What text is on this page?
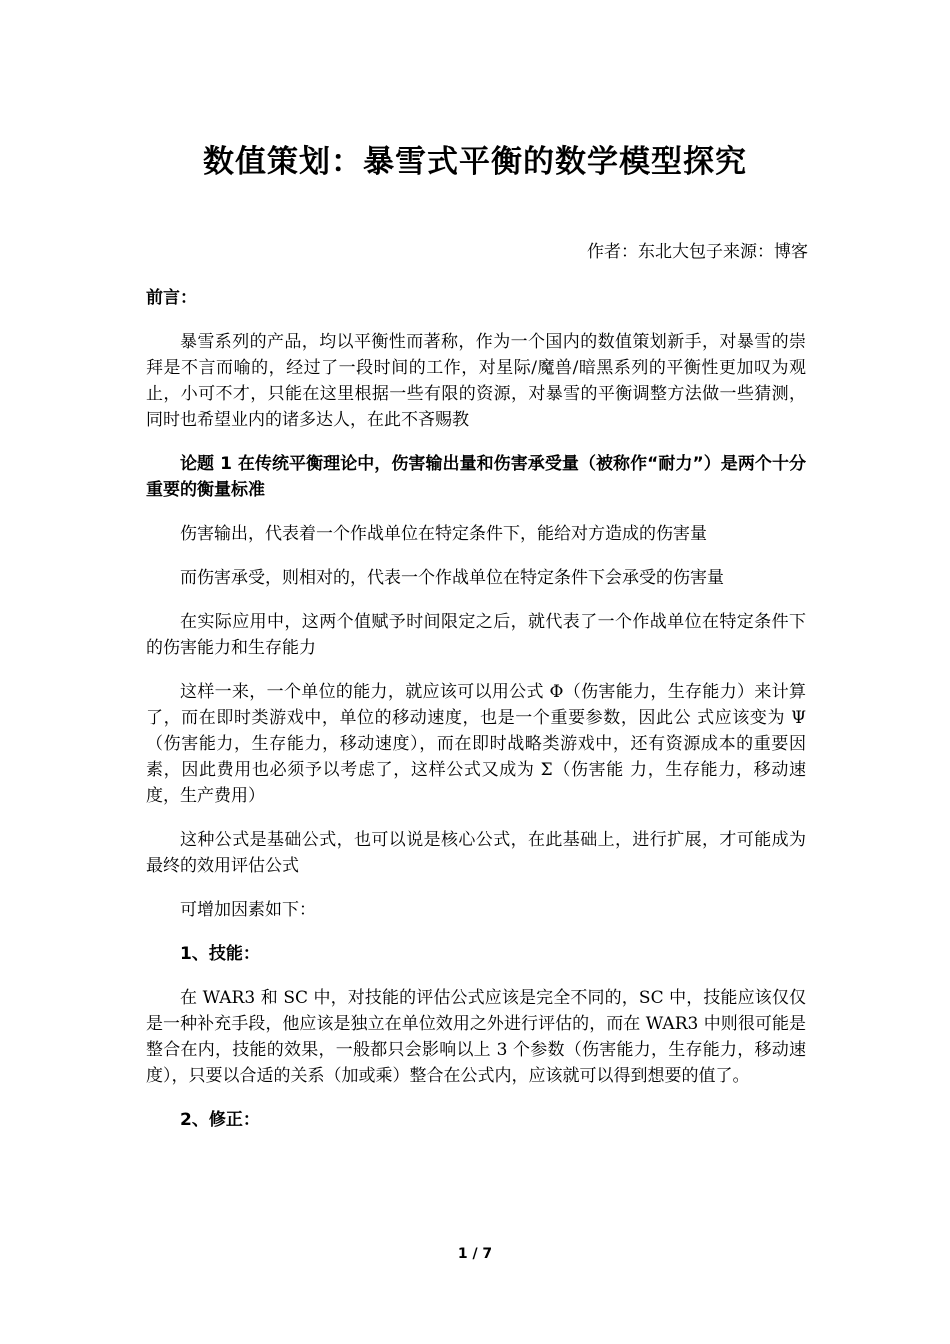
数值策划：暴雪式平衡的数学模型探究

作者：东北大包子来源：博客

前言：

暴雪系列的产品，均以平衡性而著称，作为一个国内的数值策划新手，对暴雪的崇拜是不言而喻的，经过了一段时间的工作，对星际/魔兽/暗黑系列的平衡性更加叹为观止，小可不才，只能在这里根据一些有限的资源，对暴雪的平衡调整方法做一些猜测，同时也希望业内的诸多达人，在此不吝赐教

论题 1 在传统平衡理论中，伤害输出量和伤害承受量（被称作“耐力”）是两个十分重要的衡量标准

伤害输出，代表着一个作战单位在特定条件下，能给对方造成的伤害量

而伤害承受，则相对的，代表一个作战单位在特定条件下会承受的伤害量

在实际应用中，这两个值赋予时间限定之后，就代表了一个作战单位在特定条件下的伤害能力和生存能力

这样一来，一个单位的能力，就应该可以用公式 Φ（伤害能力，生存能力）来计算了，而在即时类游戏中，单位的移动速度，也是一个重要参数，因此公 式应该变为 Ψ（伤害能力，生存能力，移动速度），而在即时战略类游戏中，还有资源成本的重要因素，因此费用也必须予以考虑了，这样公式又成为 Σ（伤害能 力，生存能力，移动速度，生产费用）

这种公式是基础公式，也可以说是核心公式，在此基础上，进行扩展，才可能成为最终的效用评估公式

可增加因素如下：

1、技能：

在 WAR3 和 SC 中，对技能的评估公式应该是完全不同的，SC 中，技能应该仅仅是一种补充手段，他应该是独立在单位效用之外进行评估的，而在 WAR3 中则很可能是整合在内，技能的效果，一般都只会影响以上 3 个参数（伤害能力，生存能力，移动速度），只要以合适的关系（加或乘）整合在公式内，应该就可以得到想要的值了。

2、修正：

1 / 7
